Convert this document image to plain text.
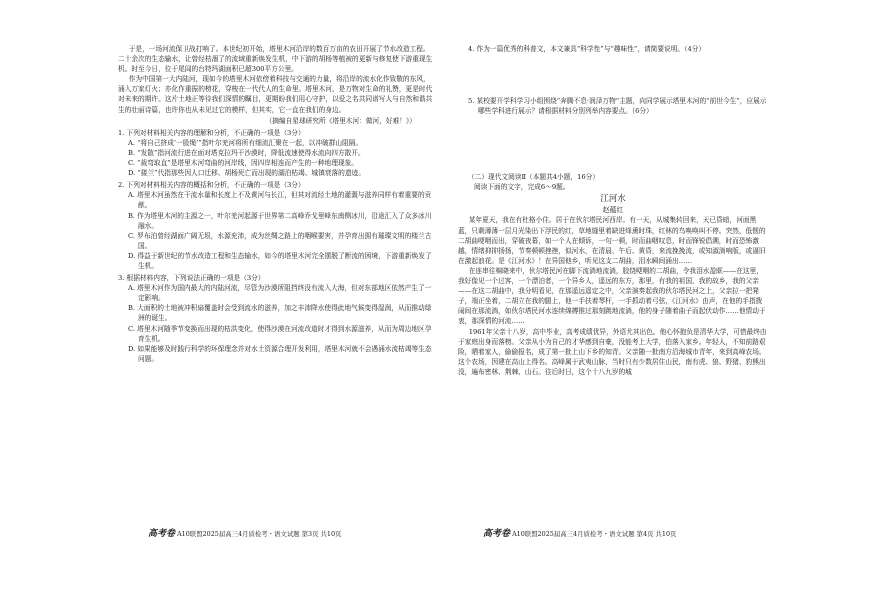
于是，一场河流保卫战打响了。本世纪初开始，塔里木河沿岸的数百万亩的农田开展了节水改造工程。二十余次的生态输水，让曾经枯涸了的流域重新焕发生机，中下游的胡杨等植被的更新与修复使下游重现生机。时至今日，位于尾闾的台特玛湖面积已超300平方公里。

作为中国第一大内陆河，现如今的塔里木河依傍着科技与交通的力量，将沿岸的流水化作致敬的东风，涌入万家灯火；亦化作重振的榜花，穿梭在一代代人的生命里。塔里木河，是万物对生命的礼赞，更是时代对未来的期许。这片土地正等待我们深情的瞩目，更期盼我们用心守护，以爱之名共同谱写人与自然和谐共生的壮丽诗篇，也许你也从未见过它的模样，但其实，它一直在我们的身边。

（摘编自星球研究所《塔里木河：做河，好难！》）

1. 下列对材料相关内容的理解和分析，不正确的一项是（3分）

A. “将自己挤成‘一股绳’”指叶尔羌河将所有细流汇聚在一起，以冲破群山阻隔。

B. “发散”指河流行进在面对塔克拉玛干沙漠时，降低流速使得水流向四方散开。

C. “裁弯取直”是塔里木河弯曲的河岸线，因四岸相连而产生的一种地理现象。

D. “搂兰”代指那些因人口迁移、胡杨死亡而出现的湖泊枯竭、城镇衰落的遗迹。

2. 下列对材料相关内容的概括和分析，不正确的一项是（3分）

A. 塔里木河虽然在干流水量和长度上不及黄河与长江，但其对流经土地的灌溉与滋养同样有着重要的贡献。

B. 作为塔里木河的主源之一，叶尔羌河起源于世界第二高峰乔戈里峰东南侧冰川，沿途汇入了众多冰川融水。

C. 罗布泊曾经湖面广阔无垠，水源充沛，成为丝绸之路上的咽喉要害，并孕育出拥有璀璨文明的楼兰古国。

D. 得益于新世纪的节水改造工程和生态输水，如今的塔里木河完全摆脱了断流的困境，下游重新焕发了生机。

3. 根据材料内容，下列说法正确的一项是（3分）

A. 塔里木河作为国内最大的内陆河流，尽管为沙漠所阻挡终没有流入大海，但对东部地区依然产生了一定影响。

B. 大面积的土地被冲积扇覆盖时会受到流水的滋养，加之丰沛降水使得此地气候变得湿润，从而推动绿洲的诞生。

C. 塔里木河随季节变换而出现的枯洪变化，使得沙漠在河流改道时才得到水源滋养，从而为周边地区孕育生机。

D. 如果能够及时践行科学的环保理念并对水土资源合理开发利用，塔里木河就不会遇涌水流枯竭等生态问题。

高考卷 A10联盟2025届高三4月质检考・语文试题 第3页 共10页

4. 作为一篇优秀的科普文，本文兼具“科学性”与“趣味性”，请简要说明。（4分）

5. 某校要开学科学习小组围绕“奔腾不息·润泽万物”主题，向同学展示塔里木河的“前世今生”，应展示哪些学科进行展示？请根据材料分别列举内容要点。（6分）

（二）现代文阅读Ⅱ（本题共4小题，16分）

阅读下面的文字，完成6～9题。

江河水

赵蕴红

某年夏天，我在有杜格小住。居于在伙尔塔民河西岸。有一天，从城集转回来，天已昏暗，河面黑蓝，只剩薄薄一层月光染出下浮民的红，草地缝里着缺进烽熏时珠，红林的鸟唤唤叫不停。突然，低惬的二胡曲哽咽而出，穿破夜幕，如一个人在倾诉，一句一顿，时而曲咽叹息，时而锋锐倡溯，时而恐怖激越，情绪抑抑扬扬，节奏顿顿挫挫，似河水，在清晨、午后、黄昏，来流挽挽流，或知淑淌响版，或逼旧在激起浪花。是《江河水》！在异国他乡，听见这支二胡曲，泪水瞬间涌出……

在连串往棉晓来中，伙尔塔民河在脚下流淌地流淌，胶绕哽咽的二胡曲，令我泪水盈眶——在这里，我好像见一个过客，一个漂泊者，一个异乡人，遥远的东方，那里，有我的祖国，我的故乡，我的父亲——在这二胡曲中，我分明看见，在那遥远遥定之中，父亲演奏起我的伙尔塔民河之上，父亲拉一把凳子，端正坐着，二胡立在我的腿上，他一手扶着琴杆，一手抓动着弓弦，《江河水》由声，在他的手指拨闹间在那流淌，如伙尔塔民河水连续绵搏推过那刻跳地流淌，他的身子随着曲子而起伏动作……他情动于衷，那深情的河流……

1961年父亲十八岁，高中毕业，高考成绩优异，外语尤其出色。他心怀抱负是清华大学，可惜最终由于家庭出身而落榜。父亲从小为自己的才华感到自豪，没能考上大学，伯落入家乡。年轻人，不知前路艰险，晒着家人，偷偷报名，成了第一批上山下乡的知青。父亲随一批南方沿海城市青年，来到高峰农场。这个农场，因建在高山上得名。高峰属于武夷山脉，当时只有少数居住山民，南有虎、狼、野猪、豹熊出没，遍布密林、荆棘、山石。往后时日，这个十八九岁的城

高考卷 A10联盟2025届高三4月质检考・语文试题 第4页 共10页
